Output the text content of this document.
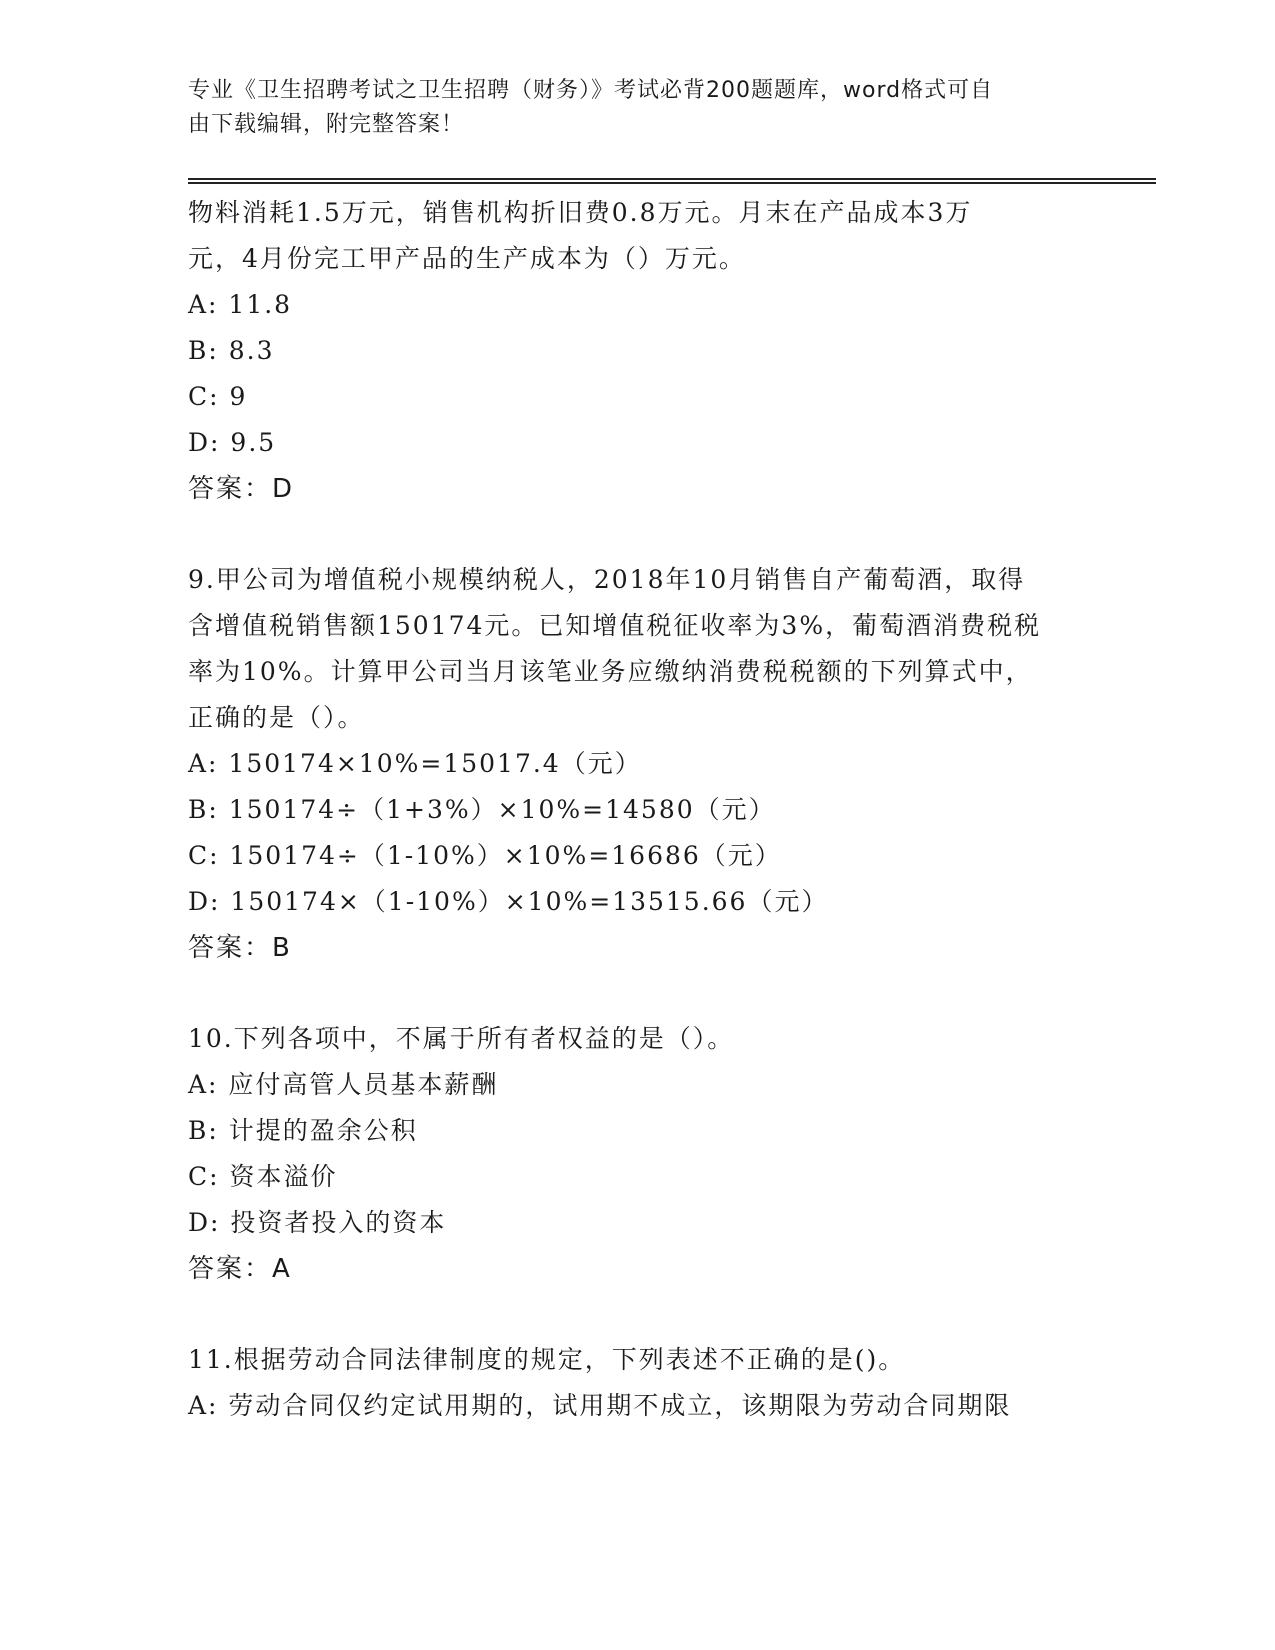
专业《卫生招聘考试之卫生招聘（财务）》考试必背200题题库，word格式可自
由下载编辑，附完整答案！
物料消耗1.5万元，销售机构折旧费0.8万元。月末在产品成本3万
元，4月份完工甲产品的生产成本为（）万元。
A: 11.8
B: 8.3
C: 9
D: 9.5
答案：D
9.甲公司为增值税小规模纳税人，2018年10月销售自产葡萄酒，取得
含增值税销售额150174元。已知增值税征收率为3%，葡萄酒消费税税
率为10%。计算甲公司当月该笔业务应缴纳消费税税额的下列算式中，
正确的是（）。
A: 150174×10%=15017.4（元）
B: 150174÷（1+3%）×10%=14580（元）
C: 150174÷（1-10%）×10%=16686（元）
D: 150174×（1-10%）×10%=13515.66（元）
答案：B
10.下列各项中，不属于所有者权益的是（）。
A: 应付高管人员基本薪酬
B: 计提的盈余公积
C: 资本溢价
D: 投资者投入的资本
答案：A
11.根据劳动合同法律制度的规定，下列表述不正确的是()。
A: 劳动合同仅约定试用期的，试用期不成立，该期限为劳动合同期限
